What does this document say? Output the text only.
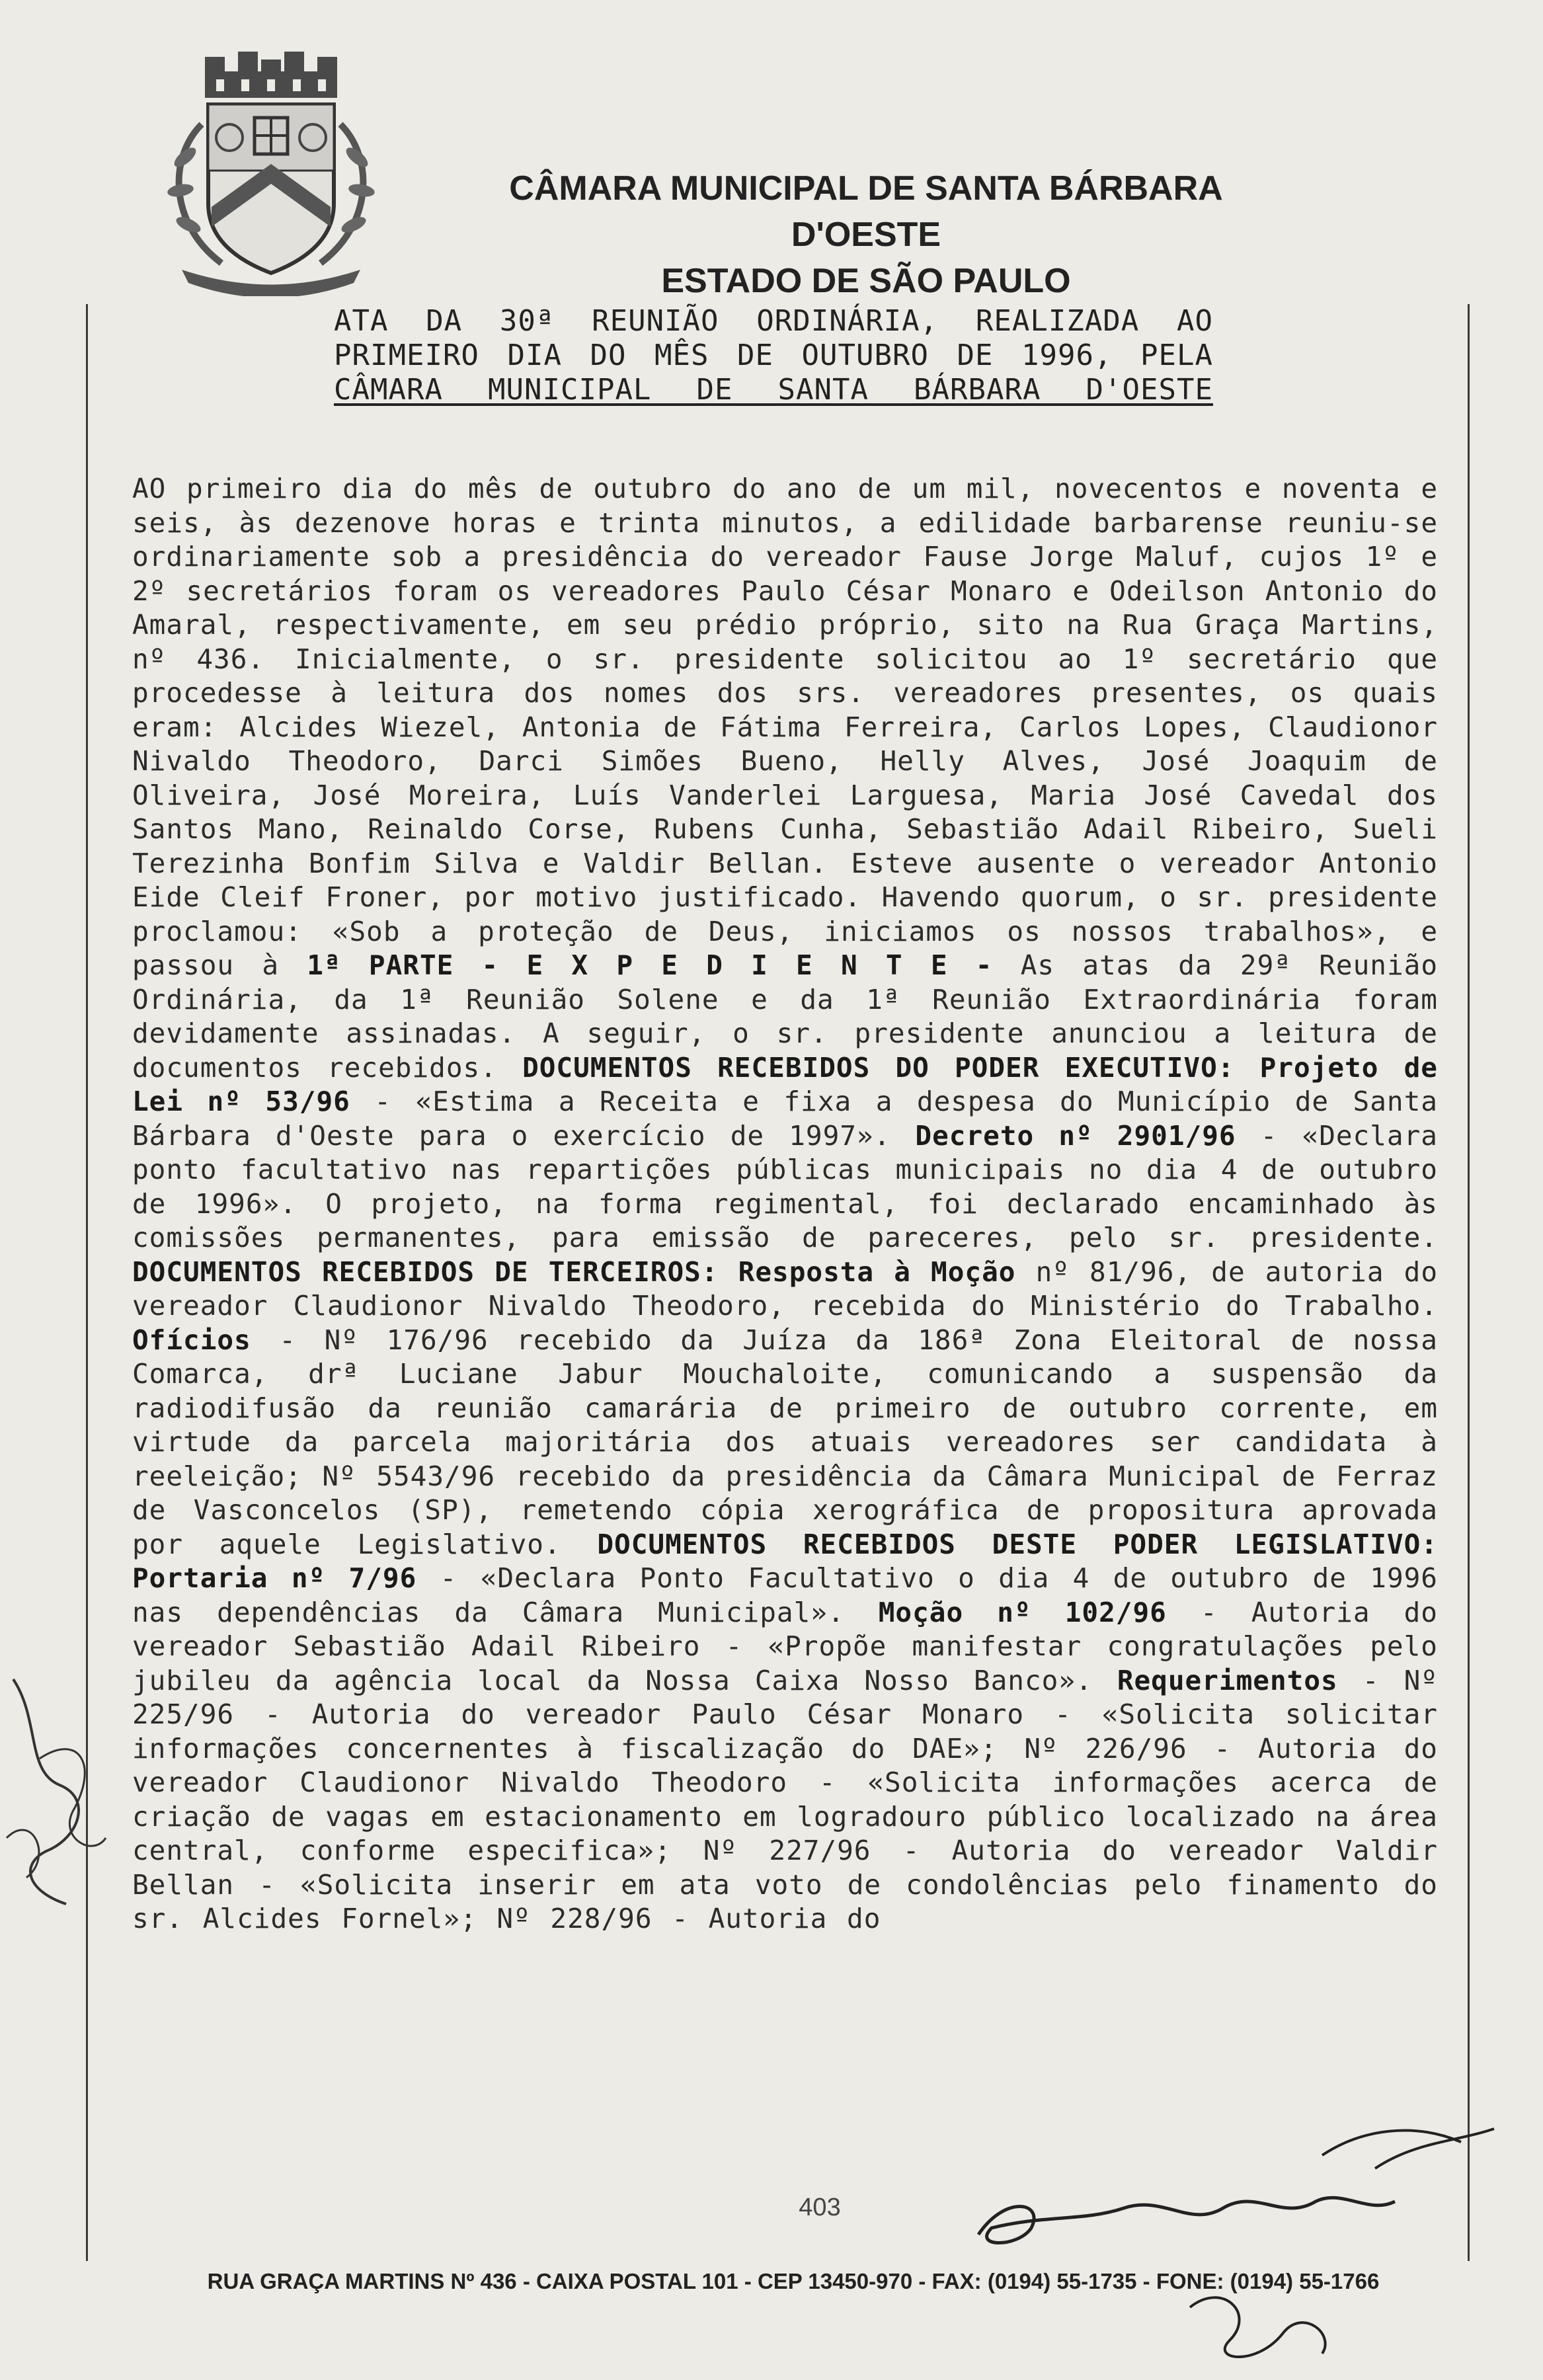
CÂMARA MUNICIPAL DE SANTA BÁRBARA D'OESTE
ESTADO DE SÃO PAULO
ATA DA 30ª REUNIÃO ORDINÁRIA, REALIZADA AO
PRIMEIRO DIA DO MÊS DE OUTUBRO DE 1996, PELA
CÂMARA MUNICIPAL DE SANTA BÁRBARA D'OESTE
AO primeiro dia do mês de outubro do ano de um mil, novecentos e noventa e seis, às dezenove horas e trinta minutos, a edilidade barbarense reuniu-se ordinariamente sob a presidência do vereador Fause Jorge Maluf, cujos 1º e 2º secretários foram os vereadores Paulo César Monaro e Odeilson Antonio do Amaral, respectivamente, em seu prédio próprio, sito na Rua Graça Martins, nº 436. Inicialmente, o sr. presidente solicitou ao 1º secretário que procedesse à leitura dos nomes dos srs. vereadores presentes, os quais eram: Alcides Wiezel, Antonia de Fátima Ferreira, Carlos Lopes, Claudionor Nivaldo Theodoro, Darci Simões Bueno, Helly Alves, José Joaquim de Oliveira, José Moreira, Luís Vanderlei Larguesa, Maria José Cavedal dos Santos Mano, Reinaldo Corse, Rubens Cunha, Sebastião Adail Ribeiro, Sueli Terezinha Bonfim Silva e Valdir Bellan. Esteve ausente o vereador Antonio Eide Cleif Froner, por motivo justificado. Havendo quorum, o sr. presidente proclamou: «Sob a proteção de Deus, iniciamos os nossos trabalhos», e passou à 1ª PARTE - E X P E D I E N T E - As atas da 29ª Reunião Ordinária, da 1ª Reunião Solene e da 1ª Reunião Extraordinária foram devidamente assinadas. A seguir, o sr. presidente anunciou a leitura de documentos recebidos. DOCUMENTOS RECEBIDOS DO PODER EXECUTIVO: Projeto de Lei nº 53/96 - «Estima a Receita e fixa a despesa do Município de Santa Bárbara d'Oeste para o exercício de 1997». Decreto nº 2901/96 - «Declara ponto facultativo nas repartições públicas municipais no dia 4 de outubro de 1996». O projeto, na forma regimental, foi declarado encaminhado às comissões permanentes, para emissão de pareceres, pelo sr. presidente. DOCUMENTOS RECEBIDOS DE TERCEIROS: Resposta à Moção nº 81/96, de autoria do vereador Claudionor Nivaldo Theodoro, recebida do Ministério do Trabalho. Ofícios - Nº 176/96 recebido da Juíza da 186ª Zona Eleitoral de nossa Comarca, drª Luciane Jabur Mouchaloite, comunicando a suspensão da radiodifusão da reunião camarária de primeiro de outubro corrente, em virtude da parcela majoritária dos atuais vereadores ser candidata à reeleição; Nº 5543/96 recebido da presidência da Câmara Municipal de Ferraz de Vasconcelos (SP), remetendo cópia xerográfica de propositura aprovada por aquele Legislativo. DOCUMENTOS RECEBIDOS DESTE PODER LEGISLATIVO: Portaria nº 7/96 - «Declara Ponto Facultativo o dia 4 de outubro de 1996 nas dependências da Câmara Municipal». Moção nº 102/96 - Autoria do vereador Sebastião Adail Ribeiro - «Propõe manifestar congratulações pelo jubileu da agência local da Nossa Caixa Nosso Banco». Requerimentos - Nº 225/96 - Autoria do vereador Paulo César Monaro - «Solicita solicitar informações concernentes à fiscalização do DAE»; Nº 226/96 - Autoria do vereador Claudionor Nivaldo Theodoro - «Solicita informações acerca de criação de vagas em estacionamento em logradouro público localizado na área central, conforme especifica»; Nº 227/96 - Autoria do vereador Valdir Bellan - «Solicita inserir em ata voto de condolências pelo finamento do sr. Alcides Fornel»; Nº 228/96 - Autoria do
403
RUA GRAÇA MARTINS Nº 436 - CAIXA POSTAL 101 - CEP 13450-970 - FAX: (0194) 55-1735 - FONE: (0194) 55-1766
